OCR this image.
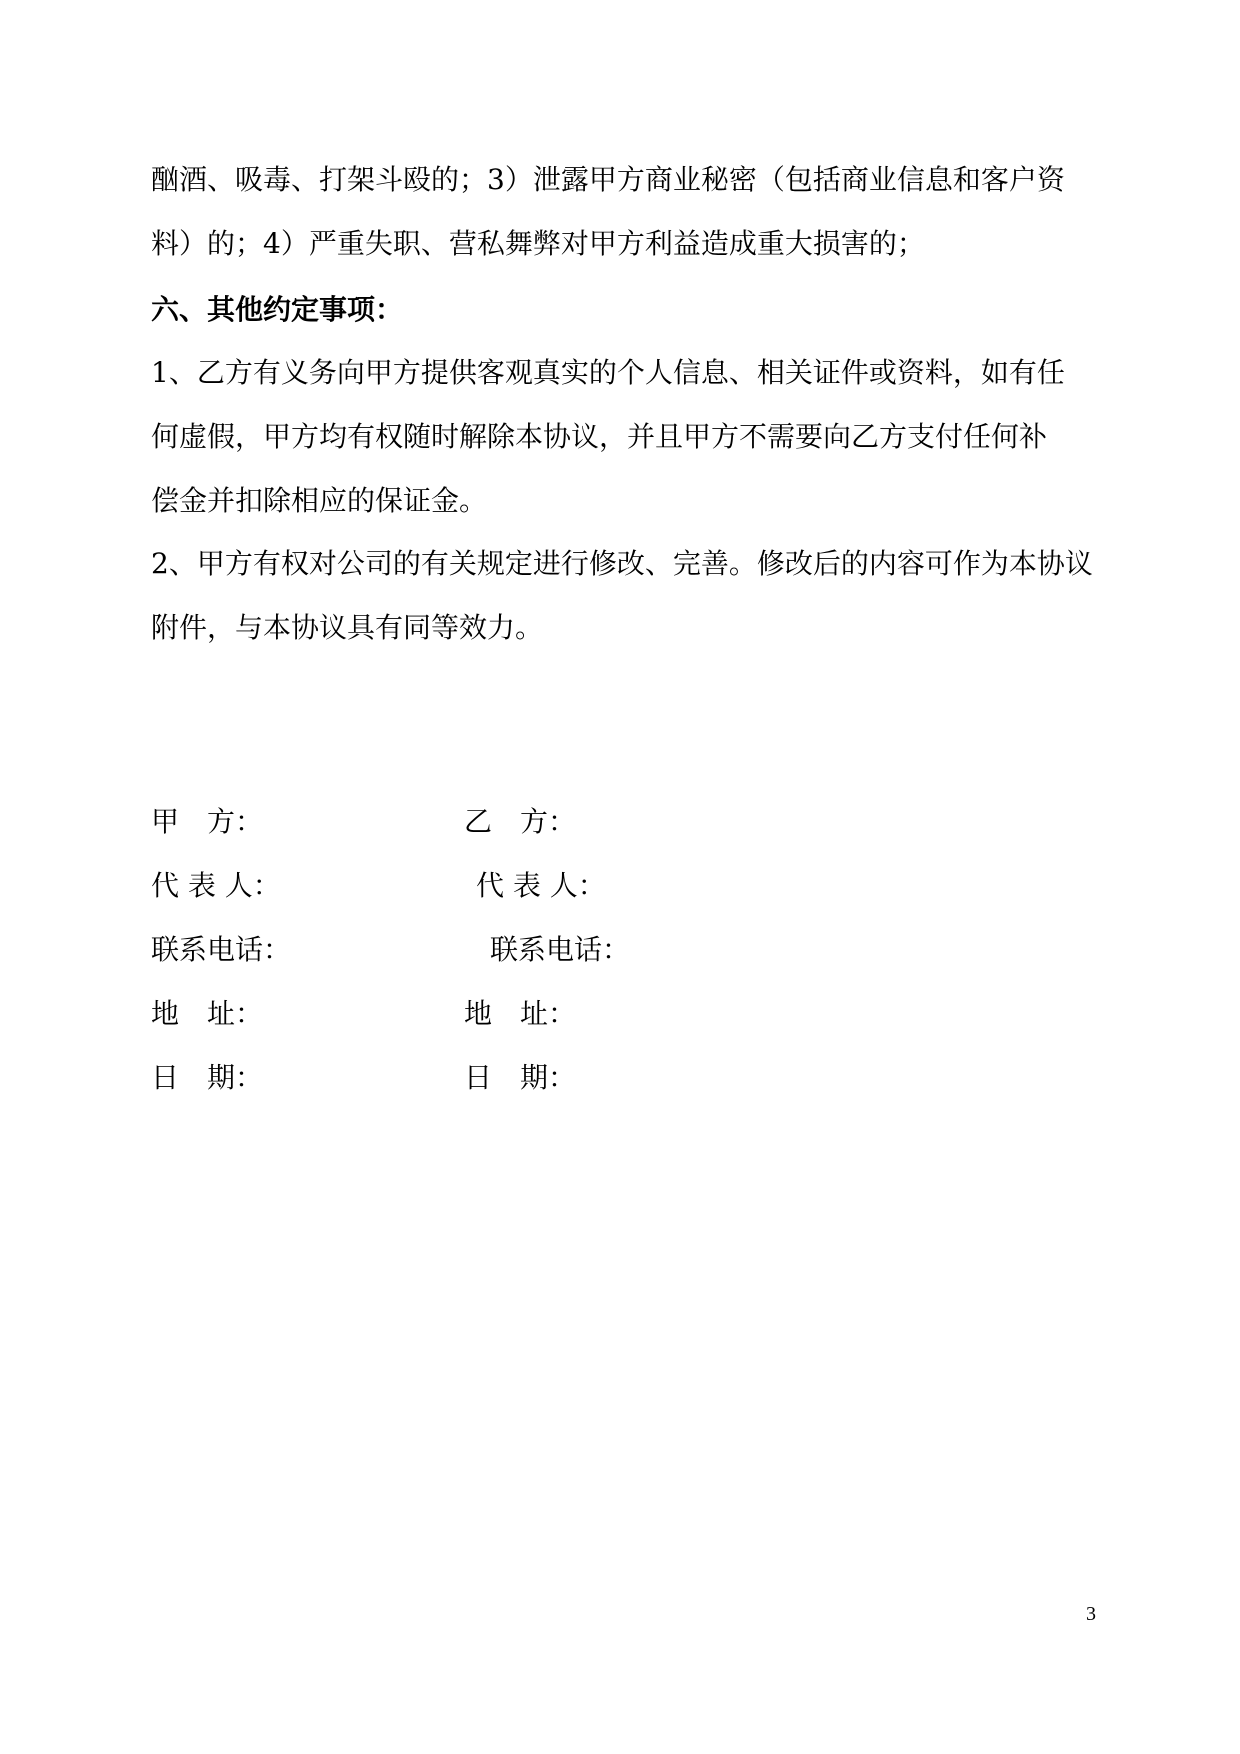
酗酒、吸毒、打架斗殴的；3）泄露甲方商业秘密（包括商业信息和客户资
料）的；4）严重失职、营私舞弊对甲方利益造成重大损害的；
六、其他约定事项：
1、乙方有义务向甲方提供客观真实的个人信息、相关证件或资料，如有任
何虚假，甲方均有权随时解除本协议，并且甲方不需要向乙方支付任何补
偿金并扣除相应的保证金。
2、甲方有权对公司的有关规定进行修改、完善。修改后的内容可作为本协议
附件，与本协议具有同等效力。
甲　方：
代 表 人：
联系电话：
地　址：
日　期：
乙　方：
代 表 人：
联系电话：
地　址：
日　期：
3
